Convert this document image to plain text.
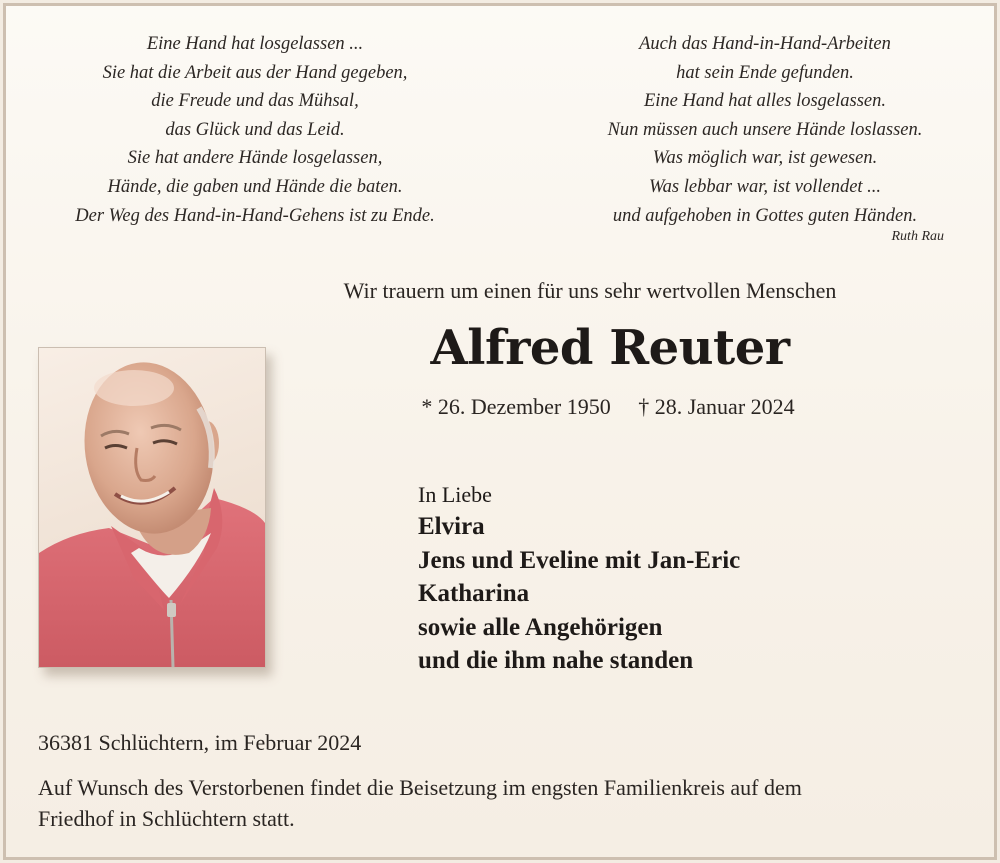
Eine Hand hat losgelassen ...
Sie hat die Arbeit aus der Hand gegeben,
die Freude und das Mühsal,
das Glück und das Leid.
Sie hat andere Hände losgelassen,
Hände, die gaben und Hände die baten.
Der Weg des Hand-in-Hand-Gehens ist zu Ende.
Auch das Hand-in-Hand-Arbeiten
hat sein Ende gefunden.
Eine Hand hat alles losgelassen.
Nun müssen auch unsere Hände loslassen.
Was möglich war, ist gewesen.
Was lebbar war, ist vollendet ...
und aufgehoben in Gottes guten Händen.
Ruth Rau
Wir trauern um einen für uns sehr wertvollen Menschen
Alfred Reuter
* 26. Dezember 1950 † 28. Januar 2024
In Liebe
Elvira
Jens und Eveline mit Jan-Eric
Katharina
sowie alle Angehörigen
und die ihm nahe standen
36381 Schlüchtern, im Februar 2024
Auf Wunsch des Verstorbenen findet die Beisetzung im engsten Familienkreis auf dem
Friedhof in Schlüchtern statt.
